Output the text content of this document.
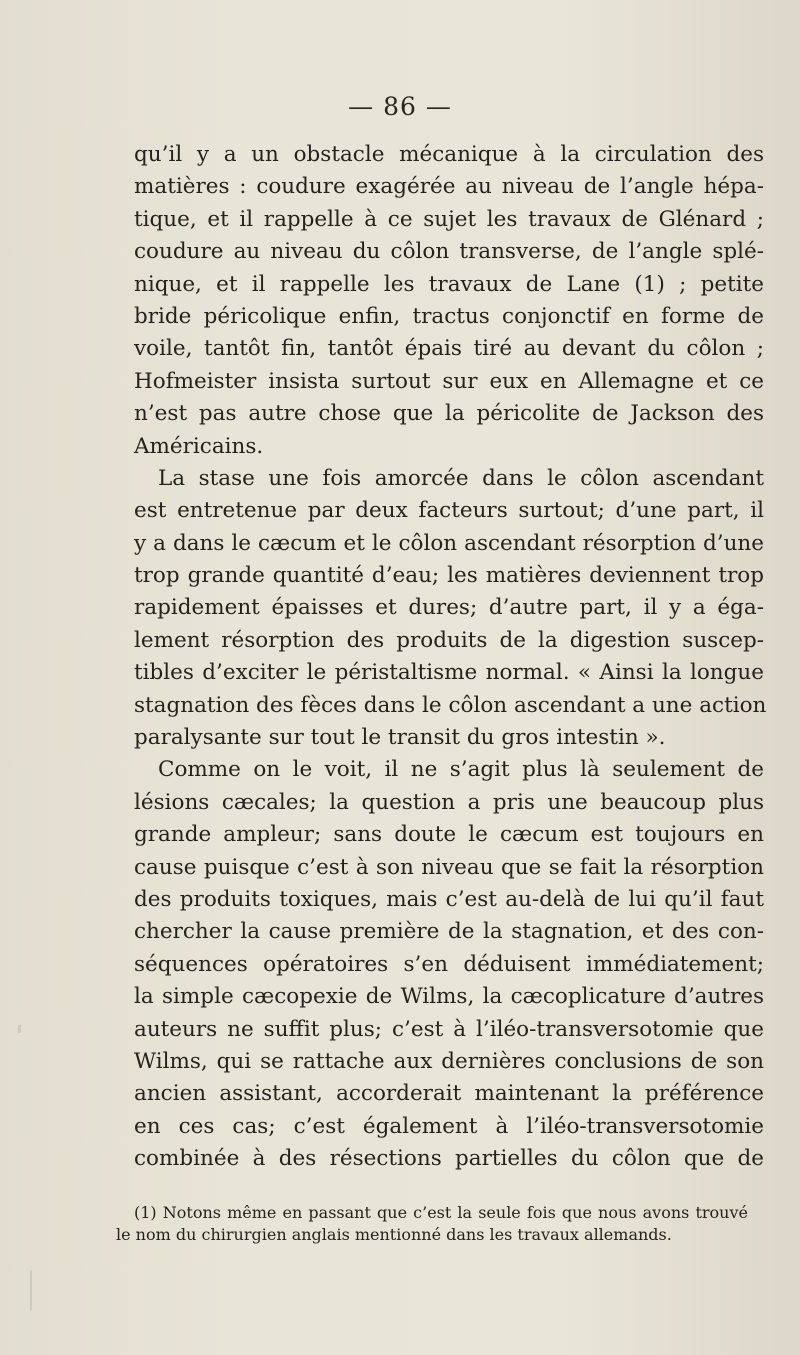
— 86 —
qu’il y a un obstacle mécanique à la circulation des
matières : coudure exagérée au niveau de l’angle hépa-
tique, et il rappelle à ce sujet les travaux de Glénard ;
coudure au niveau du côlon transverse, de l’angle splé-
nique, et il rappelle les travaux de Lane (1) ; petite
bride péricolique enfin, tractus conjonctif en forme de
voile, tantôt fin, tantôt épais tiré au devant du côlon ;
Hofmeister insista surtout sur eux en Allemagne et ce
n’est pas autre chose que la péricolite de Jackson des
Américains.
La stase une fois amorcée dans le côlon ascendant
est entretenue par deux facteurs surtout; d’une part, il
y a dans le cæcum et le côlon ascendant résorption d’une
trop grande quantité d’eau; les matières deviennent trop
rapidement épaisses et dures; d’autre part, il y a éga-
lement résorption des produits de la digestion suscep-
tibles d’exciter le péristaltisme normal. « Ainsi la longue
stagnation des fèces dans le côlon ascendant a une action
paralysante sur tout le transit du gros intestin ».
Comme on le voit, il ne s’agit plus là seulement de
lésions cæcales; la question a pris une beaucoup plus
grande ampleur; sans doute le cæcum est toujours en
cause puisque c’est à son niveau que se fait la résorption
des produits toxiques, mais c’est au-delà de lui qu’il faut
chercher la cause première de la stagnation, et des con-
séquences opératoires s’en déduisent immédiatement;
la simple cæcopexie de Wilms, la cæcoplicature d’autres
auteurs ne suffit plus; c’est à l’iléo-transversotomie que
Wilms, qui se rattache aux dernières conclusions de son
ancien assistant, accorderait maintenant la préférence
en ces cas; c’est également à l’iléo-transversotomie
combinée à des résections partielles du côlon que de
(1) Notons même en passant que c’est la seule fois que nous avons trouvé
le nom du chirurgien anglais mentionné dans les travaux allemands.
